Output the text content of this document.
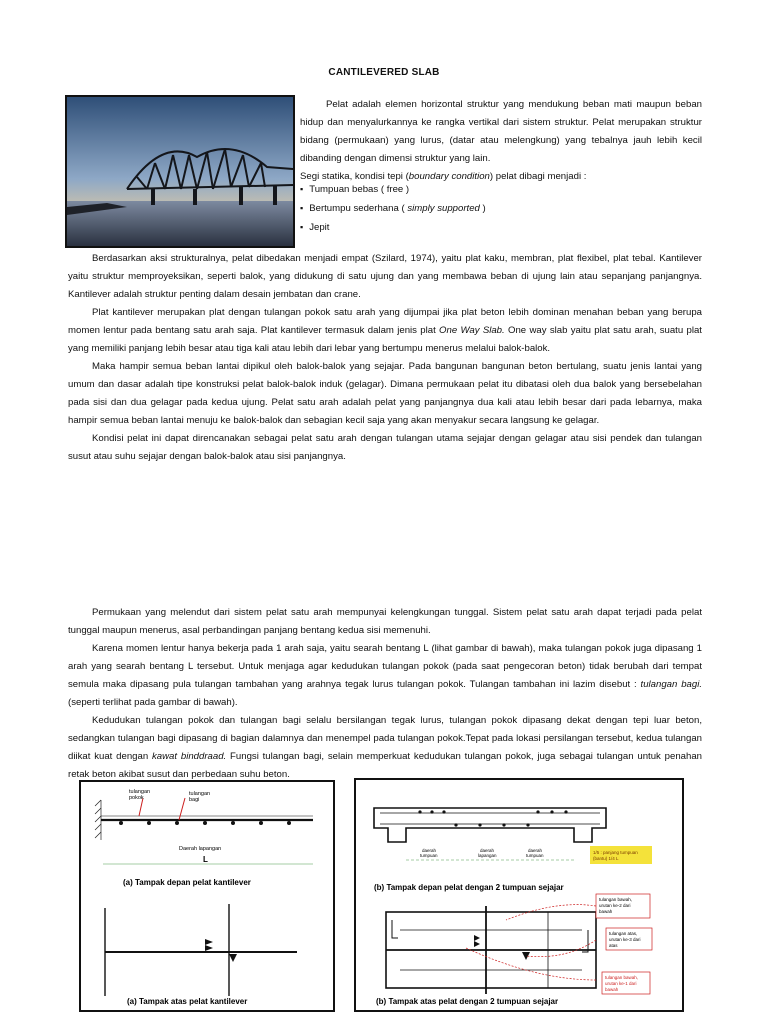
CANTILEVERED SLAB
Pelat adalah elemen horizontal struktur yang mendukung beban mati maupun beban hidup dan menyalurkannya ke rangka vertikal dari sistem struktur. Pelat merupakan struktur bidang (permukaan) yang lurus, (datar atau melengkung) yang tebalnya jauh lebih kecil dibanding dengan dimensi struktur yang lain.
Segi statika, kondisi tepi (boundary condition) pelat dibagi menjadi :
▪ Tumpuan bebas ( free )
▪ Bertumpu sederhana ( simply supported )
▪ Jepit

Berdasarkan aksi strukturalnya, pelat dibedakan menjadi empat (Szilard, 1974), yaitu plat kaku, membran, plat flexibel, plat tebal. Kantilever yaitu struktur memproyeksikan, seperti balok, yang didukung di satu ujung dan yang membawa beban di ujung lain atau sepanjang panjangnya. Kantilever adalah struktur penting dalam desain jembatan dan crane.

Plat kantilever merupakan plat dengan tulangan pokok satu arah yang dijumpai jika plat beton lebih dominan menahan beban yang berupa momen lentur pada bentang satu arah saja. Plat kantilever termasuk dalam jenis plat One Way Slab. One way slab yaitu plat satu arah, suatu plat yang memiliki panjang lebih besar atau tiga kali atau lebih dari lebar yang bertumpu menerus melalui balok-balok.

Maka hampir semua beban lantai dipikul oleh balok-balok yang sejajar. Pada bangunan bangunan beton bertulang, suatu jenis lantai yang umum dan dasar adalah tipe konstruksi pelat balok-balok induk (gelagar). Dimana permukaan pelat itu dibatasi oleh dua balok yang bersebelahan pada sisi dan dua gelagar pada kedua ujung. Pelat satu arah adalah pelat yang panjangnya dua kali atau lebih besar dari pada lebarnya, maka hampir semua beban lantai menuju ke balok-balok dan sebagian kecil saja yang akan menyakur secara langsung ke gelagar.

Kondisi pelat ini dapat direncanakan sebagai pelat satu arah dengan tulangan utama sejajar dengan gelagar atau sisi pendek dan tulangan susut atau suhu sejajar dengan balok-balok atau sisi panjangnya.

Permukaan yang melendut dari sistem pelat satu arah mempunyai kelengkungan tunggal. Sistem pelat satu arah dapat terjadi pada pelat tunggal maupun menerus, asal perbandingan panjang bentang kedua sisi memenuhi.

Karena momen lentur hanya bekerja pada 1 arah saja, yaitu searah bentang L (lihat gambar di bawah), maka tulangan pokok juga dipasang 1 arah yang searah bentang L tersebut. Untuk menjaga agar kedudukan tulangan pokok (pada saat pengecoran beton) tidak berubah dari tempat semula maka dipasang pula tulangan tambahan yang arahnya tegak lurus tulangan pokok. Tulangan tambahan ini lazim disebut : tulangan bagi. (seperti terlihat pada gambar di bawah).

Kedudukan tulangan pokok dan tulangan bagi selalu bersilangan tegak lurus, tulangan pokok dipasang dekat dengan tepi luar beton, sedangkan tulangan bagi dipasang di bagian dalamnya dan menempel pada tulangan pokok.Tepat pada lokasi persilangan tersebut, kedua tulangan diikat kuat dengan kawat binddraad. Fungsi tulangan bagi, selain memperkuat kedudukan tulangan pokok, juga sebagai tulangan untuk penahan retak beton akibat susut dan perbedaan suhu beton.

tulangan
pokok
tulangan
bagi
Daerah lapangan
L
(a) Tampak depan pelat kantilever
(a) Tampak atas pelat kantilever
daerah
tumpuan
daerah
lapangan
daerah
tumpuan
1/5 : panjang tumpuan
(bantu) 1/4 L
(b) Tampak depan pelat dengan 2 tumpuan sejajar
tulangan bawah,
urutan ke-2 dari
bawah
tulangan atas,
urutan ke-3 dari
atas
tulangan bawah,
urutan ke-1 dari
bawah
(b) Tampak atas pelat dengan 2 tumpuan sejajar
